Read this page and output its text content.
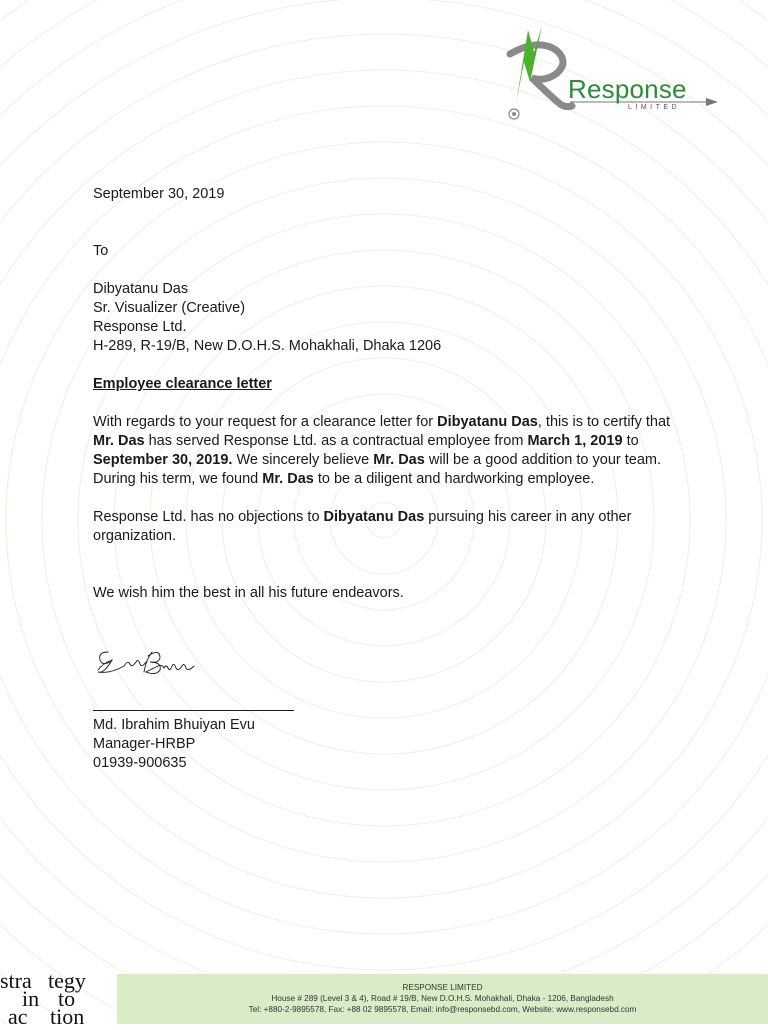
Response
LIMITED
September 30, 2019
To
Dibyatanu Das
Sr. Visualizer (Creative)
Response Ltd.
H-289, R-19/B, New D.O.H.S. Mohakhali, Dhaka 1206
Employee clearance letter
With regards to your request for a clearance letter for Dibyatanu Das, this is to certify that Mr. Das has served Response Ltd. as a contractual employee from March 1, 2019 to September 30, 2019. We sincerely believe Mr. Das will be a good addition to your team. During his term, we found Mr. Das to be a diligent and hardworking employee.
Response Ltd. has no objections to Dibyatanu Das pursuing his career in any other organization.
We wish him the best in all his future endeavors.
Md. Ibrahim Bhuiyan Evu
Manager-HRBP
01939-900635
RESPONSE LIMITED
House # 289 (Level 3 & 4), Road # 19/B, New D.O.H.S. Mohakhali, Dhaka - 1206, Bangladesh
Tel: +880-2-9895578, Fax: +88 02 9895578, Email: info@responsebd.com, Website: www.responsebd.com
stra tegy
in to
ac tion
